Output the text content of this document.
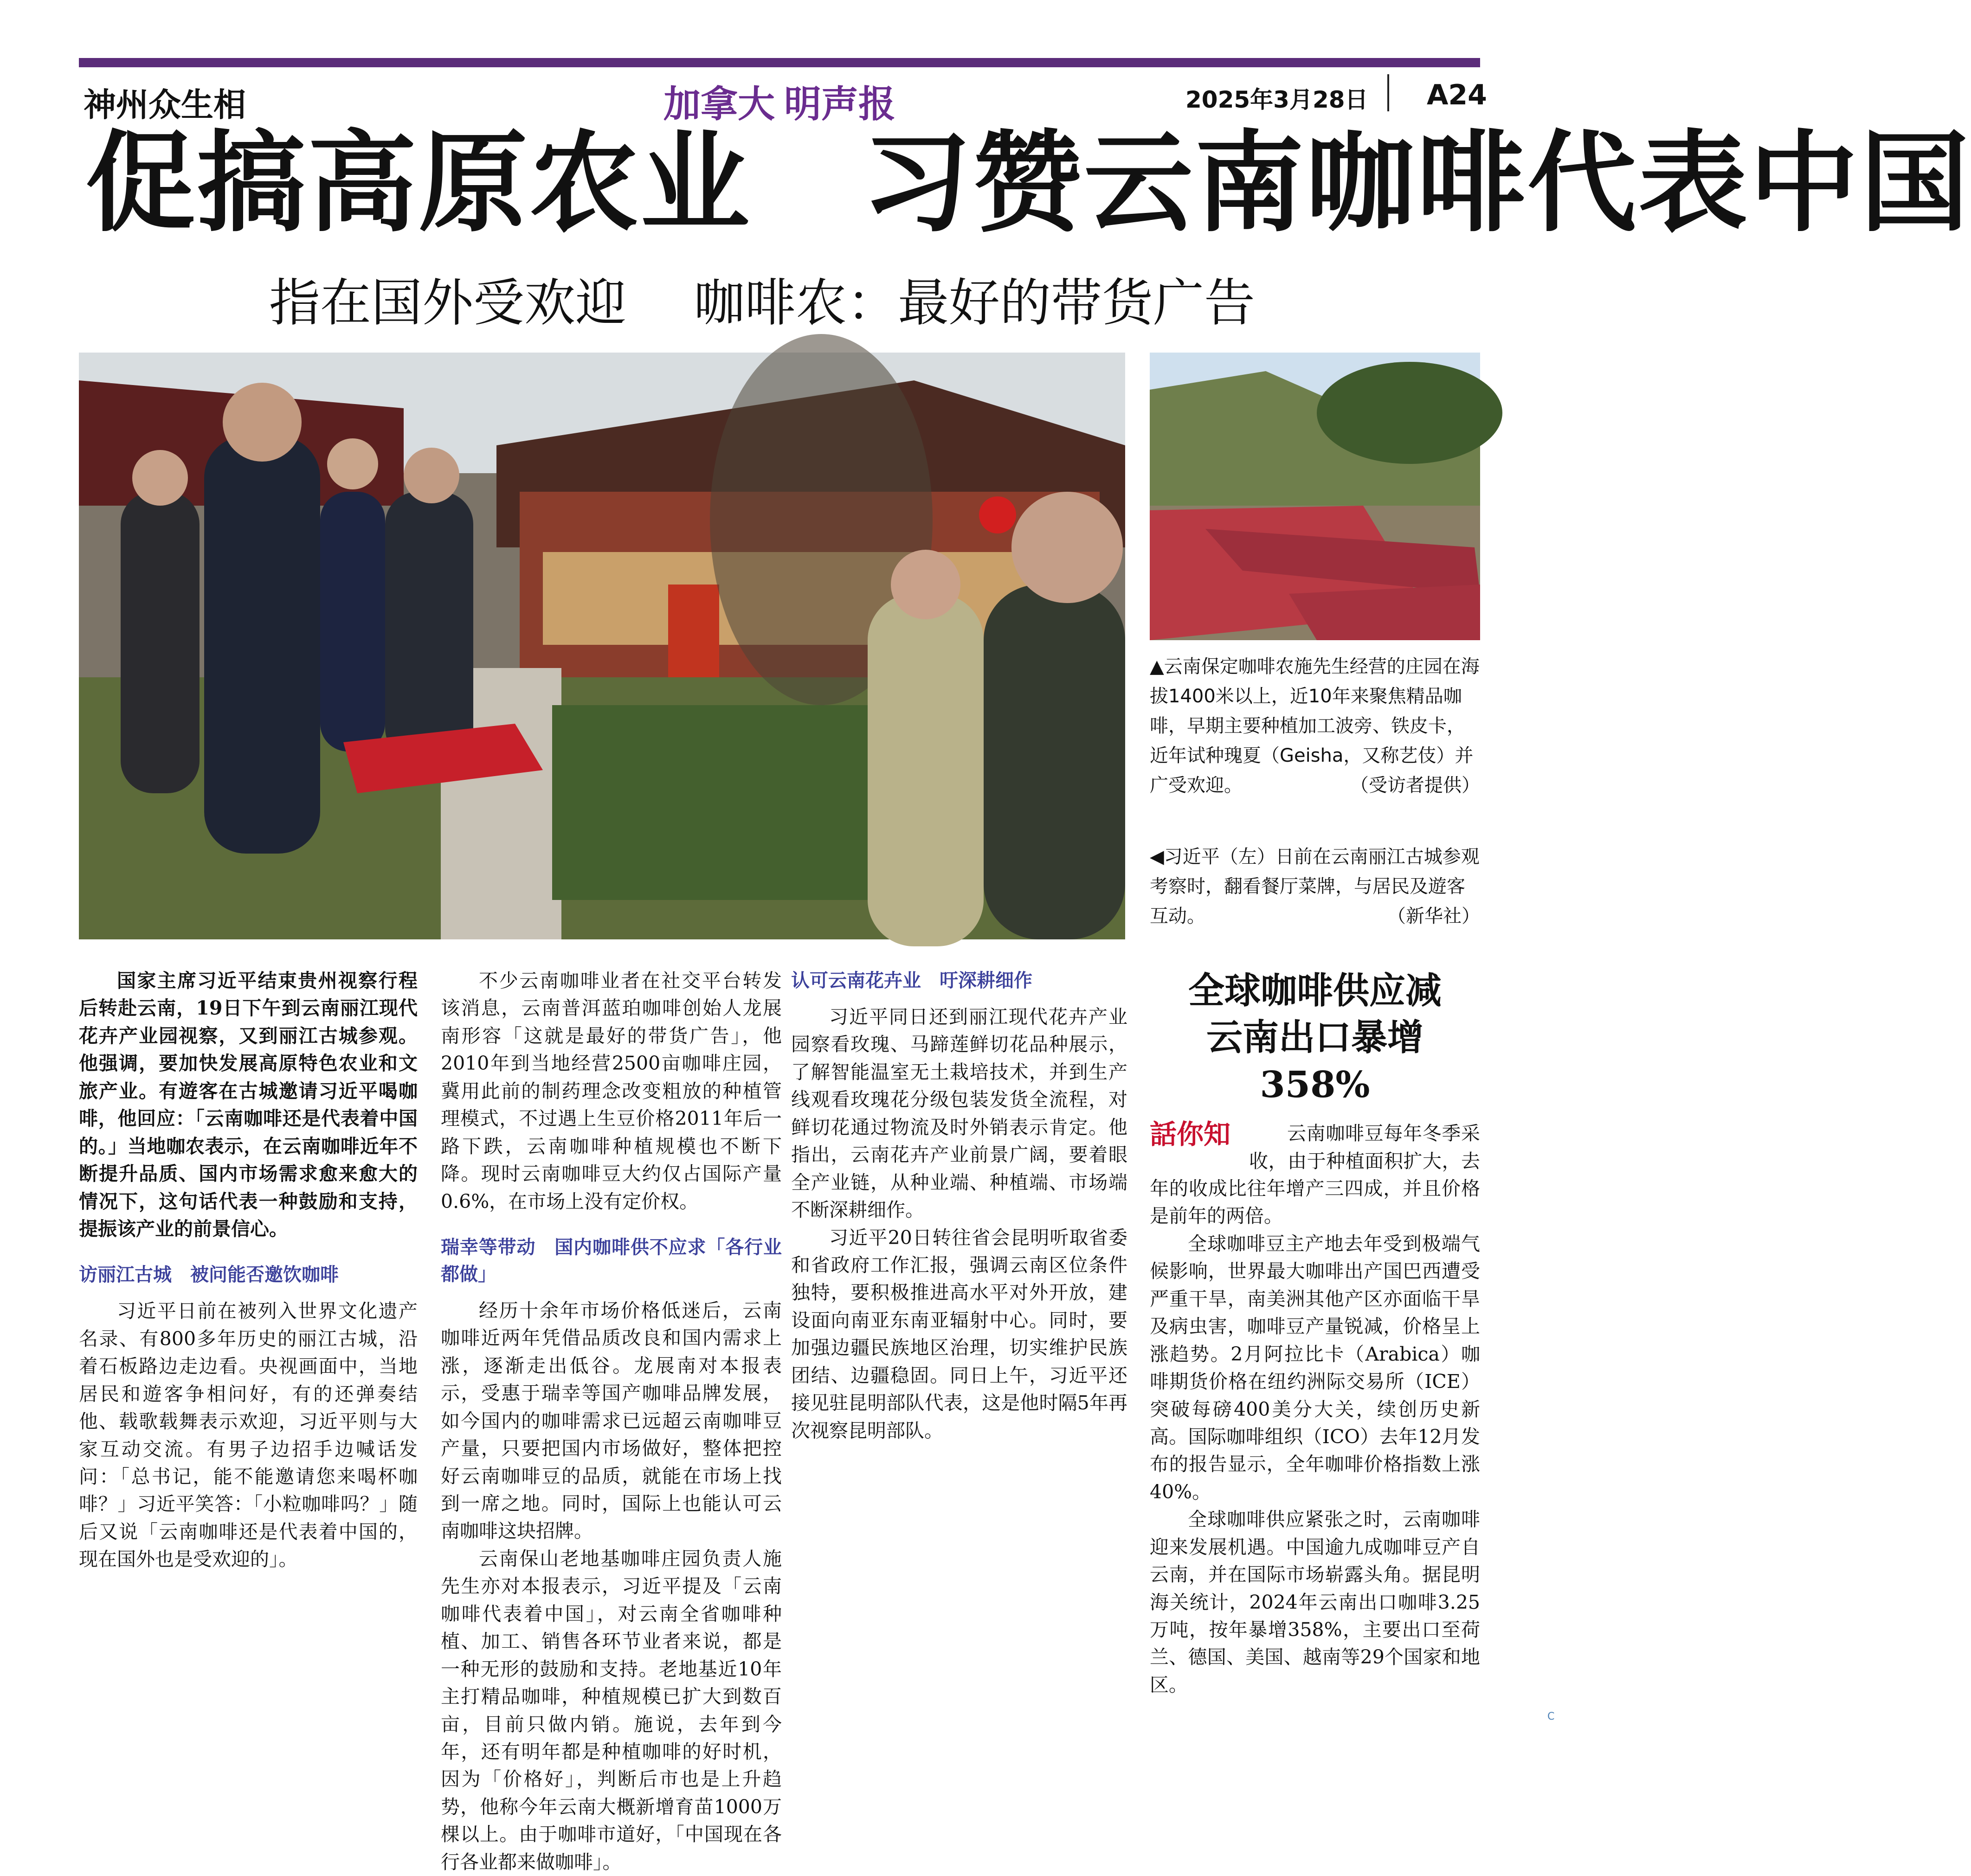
神州众生相	加拿大 明声报	2025年3月28日 A24
促搞高原农业　习赞云南咖啡代表中国
指在国外受欢迎　 咖啡农：最好的带货广告
▲云南保定咖啡农施先生经营的庄园在海拔1400米以上，近10年来聚焦精品咖啡，早期主要种植加工波旁、铁皮卡，近年试种瑰夏（Geisha，又称艺伎）并广受欢迎。	（受访者提供）
◀习近平（左）日前在云南丽江古城参观考察时，翻看餐厅菜牌，与居民及遊客互动。	（新华社）

国家主席习近平结束贵州视察行程后转赴云南，19日下午到云南丽江现代花卉产业园视察，又到丽江古城参观。他强调，要加快发展高原特色农业和文旅产业。有遊客在古城邀请习近平喝咖啡，他回应：「云南咖啡还是代表着中国的。」当地咖农表示，在云南咖啡近年不断提升品质、国内市场需求愈来愈大的情况下，这句话代表一种鼓励和支持，提振该产业的前景信心。

访丽江古城　被问能否邀饮咖啡

习近平日前在被列入世界文化遗产名录、有800多年历史的丽江古城，沿着石板路边走边看。央视画面中，当地居民和遊客争相问好，有的还弹奏结他、载歌载舞表示欢迎，习近平则与大家互动交流。有男子边招手边喊话发问：「总书记，能不能邀请您来喝杯咖啡？」习近平笑答：「小粒咖啡吗？」随后又说「云南咖啡还是代表着中国的，现在国外也是受欢迎的」。

不少云南咖啡业者在社交平台转发该消息，云南普洱蓝珀咖啡创始人龙展南形容「这就是最好的带货广告」，他2010年到当地经营2500亩咖啡庄园，冀用此前的制药理念改变粗放的种植管理模式，不过遇上生豆价格2011年后一路下跌，云南咖啡种植规模也不断下降。现时云南咖啡豆大约仅占国际产量0.6%，在市场上没有定价权。

瑞幸等带动　国内咖啡供不应求「各行业都做」

经历十余年市场价格低迷后，云南咖啡近两年凭借品质改良和国内需求上涨，逐渐走出低谷。龙展南对本报表示，受惠于瑞幸等国产咖啡品牌发展，如今国内的咖啡需求已远超云南咖啡豆产量，只要把国内市场做好，整体把控好云南咖啡豆的品质，就能在市场上找到一席之地。同时，国际上也能认可云南咖啡这块招牌。

云南保山老地基咖啡庄园负责人施先生亦对本报表示，习近平提及「云南咖啡代表着中国」，对云南全省咖啡种植、加工、销售各环节业者来说，都是一种无形的鼓励和支持。老地基近10年主打精品咖啡，种植规模已扩大到数百亩，目前只做内销。施说，去年到今年，还有明年都是种植咖啡的好时机，因为「价格好」，判断后市也是上升趋势，他称今年云南大概新增育苗1000万棵以上。由于咖啡市道好，「中国现在各行各业都来做咖啡」。

认可云南花卉业　吁深耕细作

习近平同日还到丽江现代花卉产业园察看玫瑰、马蹄莲鲜切花品种展示，了解智能温室无土栽培技术，并到生产线观看玫瑰花分级包装发货全流程，对鲜切花通过物流及时外销表示肯定。他指出，云南花卉产业前景广阔，要着眼全产业链，从种业端、种植端、市场端不断深耕细作。

习近平20日转往省会昆明听取省委和省政府工作汇报，强调云南区位条件独特，要积极推进高水平对外开放，建设面向南亚东南亚辐射中心。同时，要加强边疆民族地区治理，切实维护民族团结、边疆稳固。同日上午，习近平还接见驻昆明部队代表，这是他时隔5年再次视察昆明部队。

全球咖啡供应减
云南出口暴增 358%

話你知	云南咖啡豆每年冬季采收，由于种植面积扩大，去年的收成比往年增产三四成，并且价格是前年的两倍。

全球咖啡豆主产地去年受到极端气候影响，世界最大咖啡出产国巴西遭受严重干旱，南美洲其他产区亦面临干旱及病虫害，咖啡豆产量锐减，价格呈上涨趋势。2月阿拉比卡（Arabica）咖啡期货价格在纽约洲际交易所（ICE）突破每磅400美分大关，续创历史新高。国际咖啡组织（ICO）去年12月发布的报告显示，全年咖啡价格指数上涨40%。

全球咖啡供应紧张之时，云南咖啡迎来发展机遇。中国逾九成咖啡豆产自云南，并在国际市场崭露头角。据昆明海关统计，2024年云南出口咖啡3.25万吨，按年暴增358%，主要出口至荷兰、德国、美国、越南等29个国家和地区。

C
